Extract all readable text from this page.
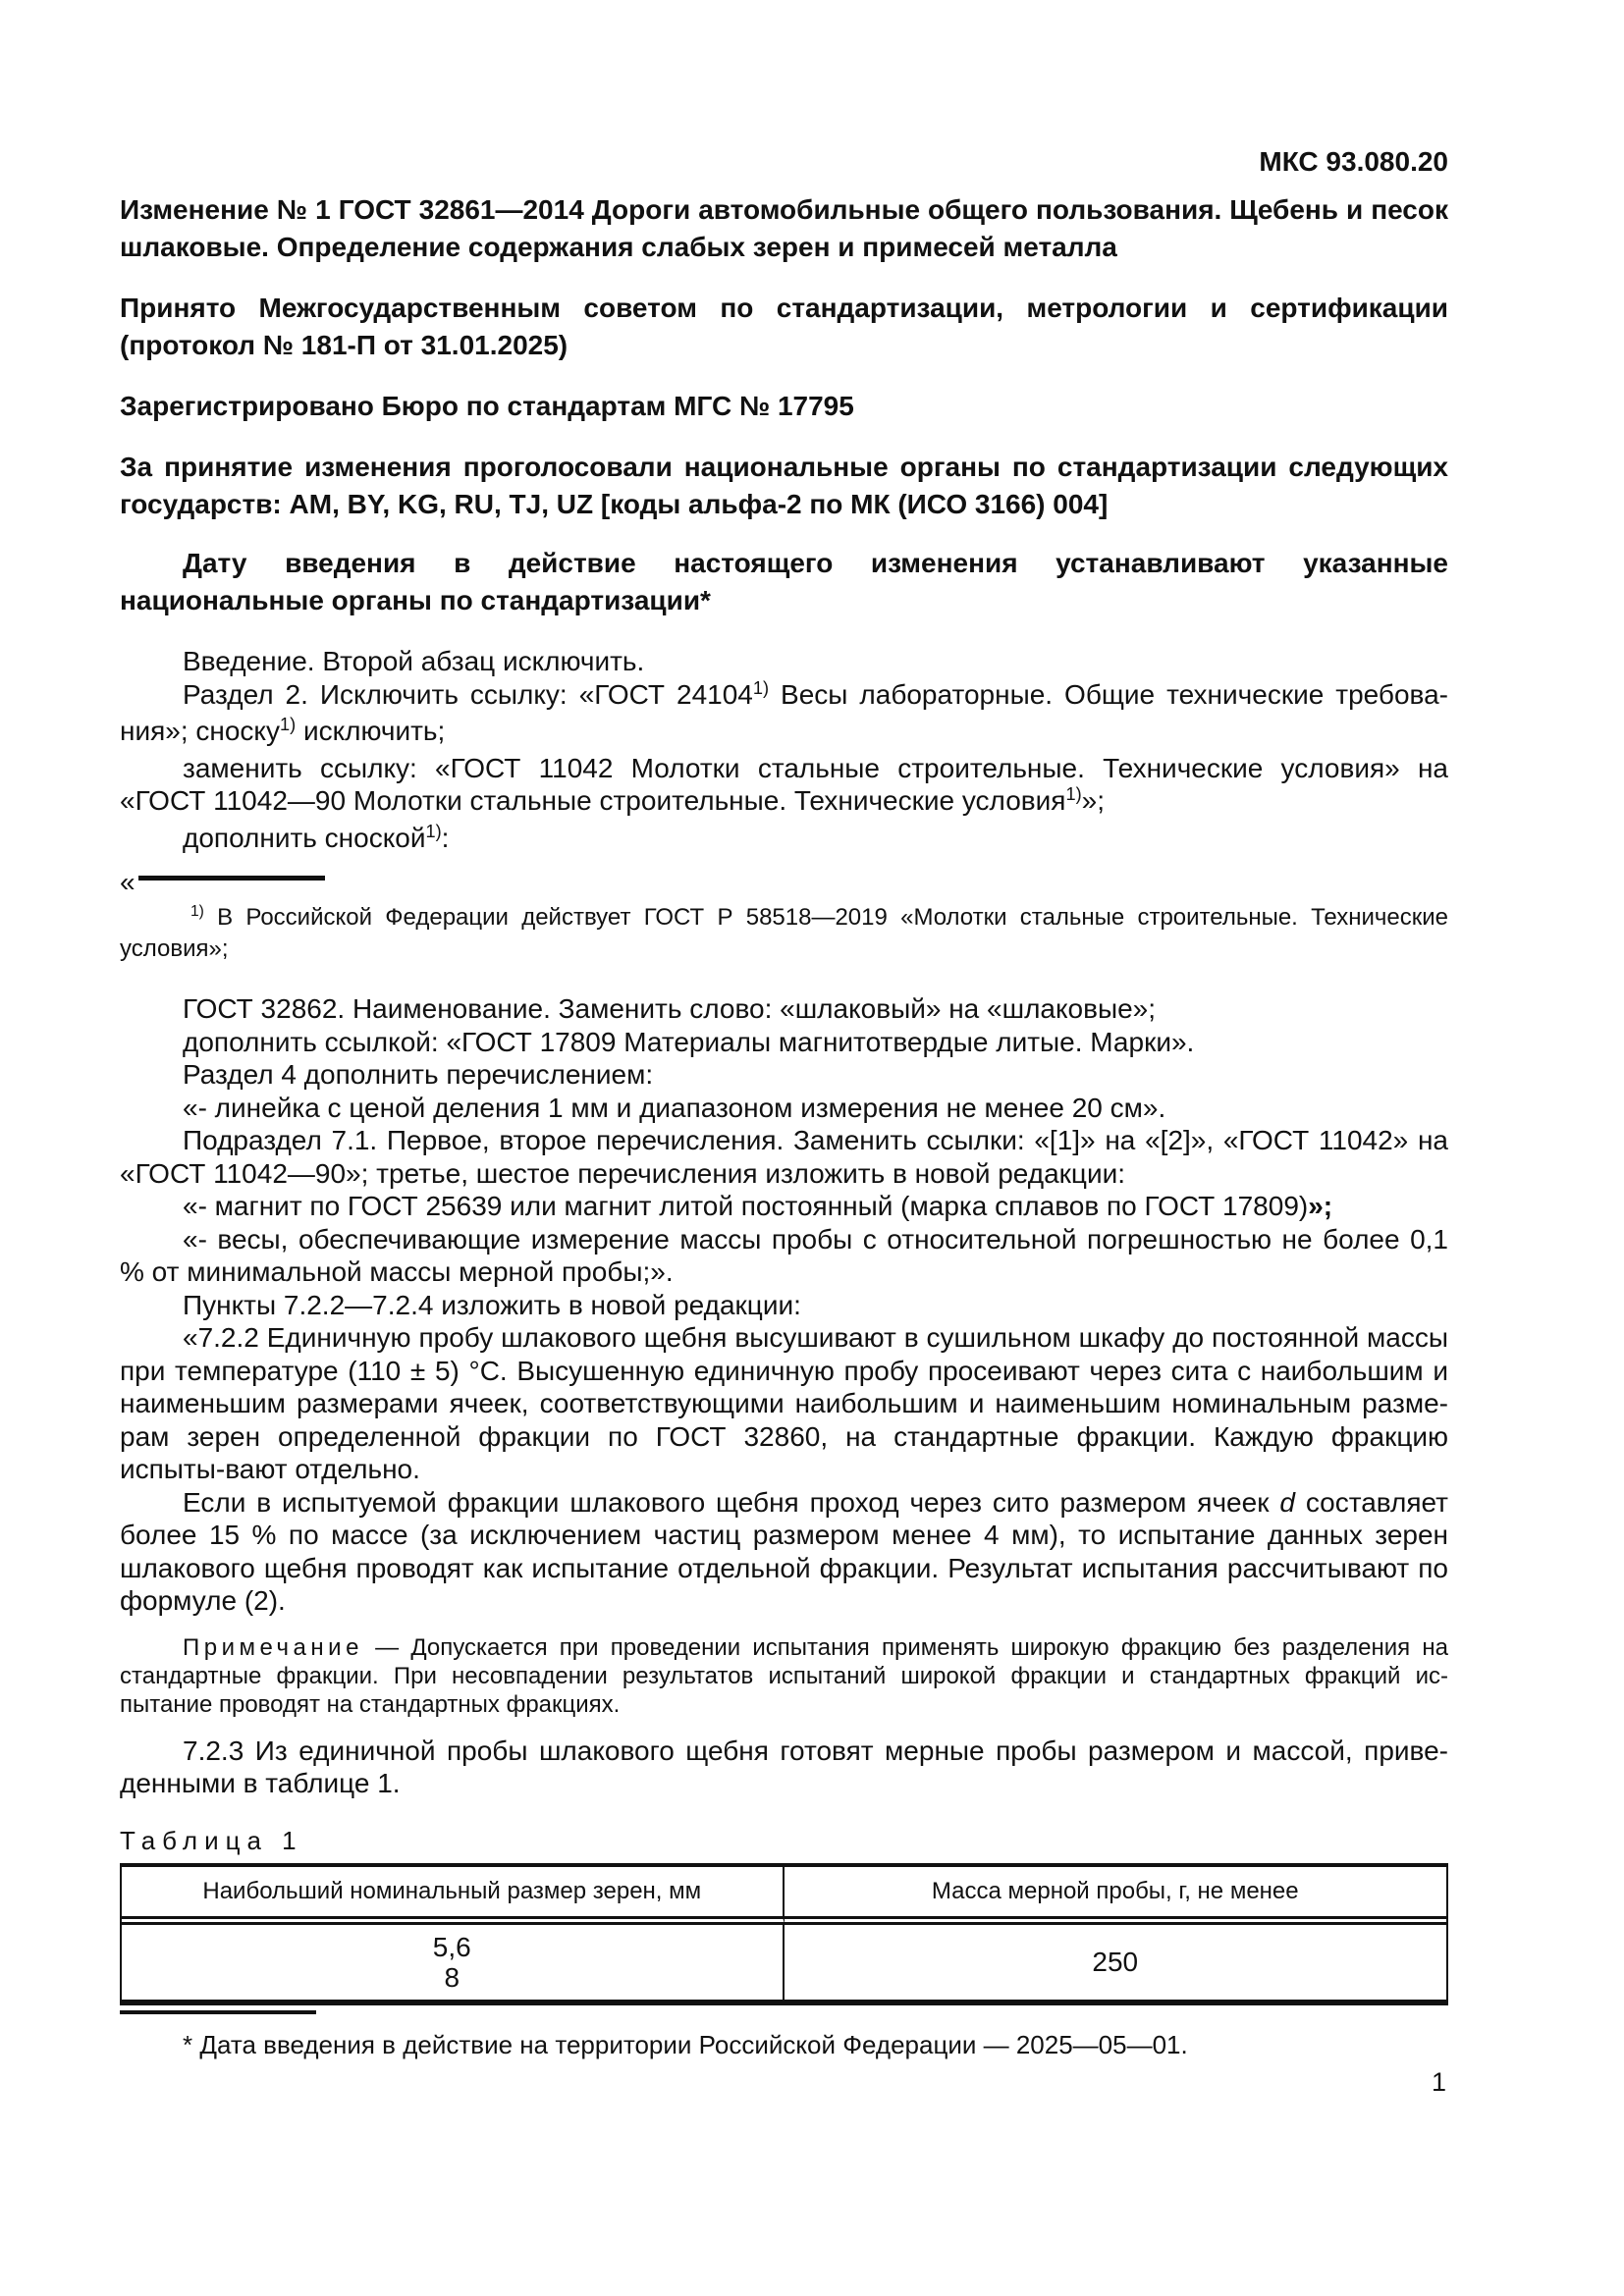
МКС 93.080.20

Изменение № 1 ГОСТ 32861—2014 Дороги автомобильные общего пользования. Щебень и песок шлаковые. Определение содержания слабых зерен и примесей металла

Принято Межгосударственным советом по стандартизации, метрологии и сертификации (протокол № 181-П от 31.01.2025)

Зарегистрировано Бюро по стандартам МГС № 17795

За принятие изменения проголосовали национальные органы по стандартизации следующих государств: AM, BY, KG, RU, TJ, UZ [коды альфа-2 по МК (ИСО 3166) 004]

Дату введения в действие настоящего изменения устанавливают указанные национальные органы по стандартизации*

Введение. Второй абзац исключить.

Раздел 2. Исключить ссылку: «ГОСТ 24104$^{1)}$ Весы лабораторные. Общие технические требова-ния»; сноску$^{1)}$ исключить;

заменить ссылку: «ГОСТ 11042 Молотки стальные строительные. Технические условия» на «ГОСТ 11042—90 Молотки стальные строительные. Технические условия$^{1)}$»;

дополнить сноской$^{1)}$:

«

$^{1)}$ В Российской Федерации действует ГОСТ Р 58518—2019 «Молотки стальные строительные. Технические условия»;

ГОСТ 32862. Наименование. Заменить слово: «шлаковый» на «шлаковые»;

дополнить ссылкой: «ГОСТ 17809 Материалы магнитотвердые литые. Марки».

Раздел 4 дополнить перечислением:

«- линейка с ценой деления 1 мм и диапазоном измерения не менее 20 см».

Подраздел 7.1. Первое, второе перечисления. Заменить ссылки: «[1]» на «[2]», «ГОСТ 11042» на «ГОСТ 11042—90»; третье, шестое перечисления изложить в новой редакции:

«- магнит по ГОСТ 25639 или магнит литой постоянный (марка сплавов по ГОСТ 17809)»;

«- весы, обеспечивающие измерение массы пробы с относительной погрешностью не более 0,1 % от минимальной массы мерной пробы;».

Пункты 7.2.2—7.2.4 изложить в новой редакции:

«7.2.2 Единичную пробу шлакового щебня высушивают в сушильном шкафу до постоянной массы при температуре (110 ± 5) °С. Высушенную единичную пробу просеивают через сита с наибольшим и наименьшим размерами ячеек, соответствующими наибольшим и наименьшим номинальным разме-рам зерен определенной фракции по ГОСТ 32860, на стандартные фракции. Каждую фракцию испыты-вают отдельно.

Если в испытуемой фракции шлакового щебня проход через сито размером ячеек d составляет более 15 % по массе (за исключением частиц размером менее 4 мм), то испытание данных зерен шлакового щебня проводят как испытание отдельной фракции. Результат испытания рассчитывают по формуле (2).

Примечание — Допускается при проведении испытания применять широкую фракцию без разделения на стандартные фракции. При несовпадении результатов испытаний широкой фракции и стандартных фракций ис-пытание проводят на стандартных фракциях.

7.2.3 Из единичной пробы шлакового щебня готовят мерные пробы размером и массой, приве-денными в таблице 1.

Таблица 1
Наибольший номинальный размер зерен, мм	Масса мерной пробы, г, не менее

5,6
8	250

* Дата введения в действие на территории Российской Федерации — 2025—05—01.

1
